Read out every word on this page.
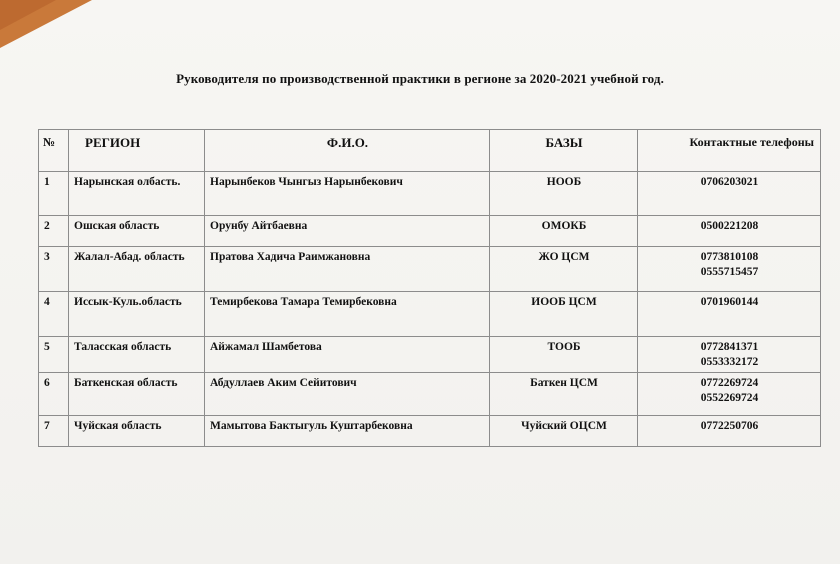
Руководителя по производственной практики в регионе за 2020-2021 учебной год.
№	РЕГИОН	Ф.И.О.	БАЗЫ	Контактные телефоны
1	Нарынская олбасть.	Нарынбеков Чынгыз Нарынбекович	НООБ	0706203021

2	Ошская область	Орунбу Айтбаевна	ОМОКБ	0500221208

3	Жалал-Абад. область	Пратова Хадича Раимжановна	ЖО ЦСМ	0773810108
0555715457

4	Иссык-Куль.область	Темирбекова Тамара Темирбековна	ИООБ ЦСМ	0701960144

5	Таласская область	Айжамал Шамбетова	ТООБ	0772841371
0553332172

6	Баткенская область	Абдуллаев Аким Сейитович	Баткен ЦСМ	0772269724
0552269724

7	Чуйская область	Мамытова Бактыгуль Куштарбековна	Чуйский ОЦСМ	0772250706
